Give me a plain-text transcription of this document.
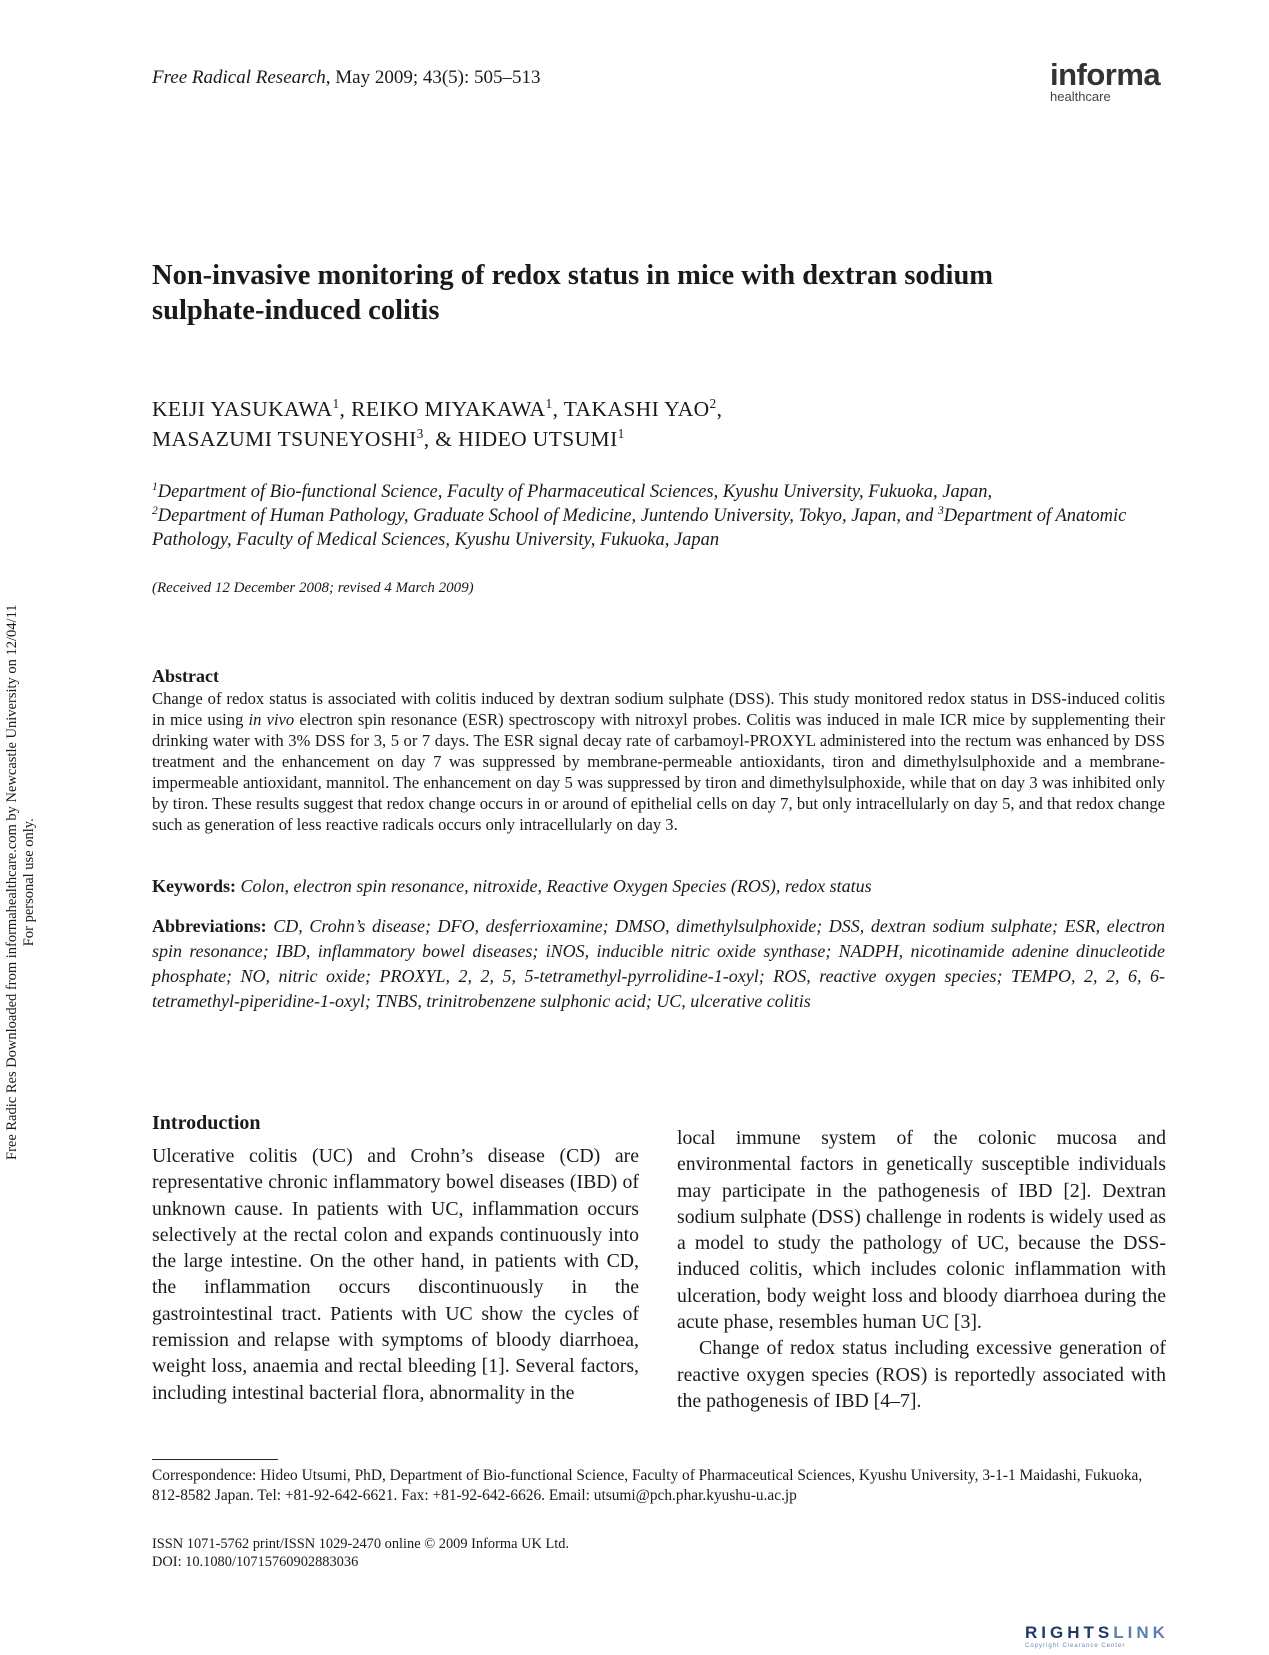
Free Radical Research, May 2009; 43(5): 505–513	informa
healthcare
Free Radic Res Downloaded from informahealthcare.com by Newcastle University on 12/04/11 For personal use only.
Non-invasive monitoring of redox status in mice with dextran sodium
sulphate-induced colitis
KEIJI YASUKAWA$^1$, REIKO MIYAKAWA$^1$, TAKASHI YAO$^2$,
MASAZUMI TSUNEYOSHI$^3$, & HIDEO UTSUMI$^1$
$^1$Department of Bio-functional Science, Faculty of Pharmaceutical Sciences, Kyushu University, Fukuoka, Japan,
$^2$Department of Human Pathology, Graduate School of Medicine, Juntendo University, Tokyo, Japan, and $^3$Department of Anatomic Pathology, Faculty of Medical Sciences, Kyushu University, Fukuoka, Japan
(Received 12 December 2008; revised 4 March 2009)
Abstract
Change of redox status is associated with colitis induced by dextran sodium sulphate (DSS). This study monitored redox status in DSS-induced colitis in mice using in vivo electron spin resonance (ESR) spectroscopy with nitroxyl probes. Colitis was induced in male ICR mice by supplementing their drinking water with 3% DSS for 3, 5 or 7 days. The ESR signal decay rate of carbamoyl-PROXYL administered into the rectum was enhanced by DSS treatment and the enhancement on day 7 was suppressed by membrane-permeable antioxidants, tiron and dimethylsulphoxide and a membrane-impermeable antioxidant, mannitol. The enhancement on day 5 was suppressed by tiron and dimethylsulphoxide, while that on day 3 was inhibited only by tiron. These results suggest that redox change occurs in or around of epithelial cells on day 7, but only intracellularly on day 5, and that redox change such as generation of less reactive radicals occurs only intracellularly on day 3.
Keywords: Colon, electron spin resonance, nitroxide, Reactive Oxygen Species (ROS), redox status
Abbreviations: CD, Crohn’s disease; DFO, desferrioxamine; DMSO, dimethylsulphoxide; DSS, dextran sodium sulphate; ESR, electron spin resonance; IBD, inflammatory bowel diseases; iNOS, inducible nitric oxide synthase; NADPH, nicotinamide adenine dinucleotide phosphate; NO, nitric oxide; PROXYL, 2, 2, 5, 5-tetramethyl-pyrrolidine-1-oxyl; ROS, reactive oxygen species; TEMPO, 2, 2, 6, 6-tetramethyl-piperidine-1-oxyl; TNBS, trinitrobenzene sulphonic acid; UC, ulcerative colitis
Introduction

Ulcerative colitis (UC) and Crohn’s disease (CD) are representative chronic inflammatory bowel diseases (IBD) of unknown cause. In patients with UC, inflammation occurs selectively at the rectal colon and expands continuously into the large intestine. On the other hand, in patients with CD, the inflammation occurs discontinuously in the gastrointestinal tract. Patients with UC show the cycles of remission and relapse with symptoms of bloody diarrhoea, weight loss, anaemia and rectal bleeding [1]. Several factors, including intestinal bacterial flora, abnormality in the

local immune system of the colonic mucosa and environmental factors in genetically susceptible individuals may participate in the pathogenesis of IBD [2]. Dextran sodium sulphate (DSS) challenge in rodents is widely used as a model to study the pathology of UC, because the DSS-induced colitis, which includes colonic inflammation with ulceration, body weight loss and bloody diarrhoea during the acute phase, resembles human UC [3].

Change of redox status including excessive generation of reactive oxygen species (ROS) is reportedly associated with the pathogenesis of IBD [4–7].

Correspondence: Hideo Utsumi, PhD, Department of Bio-functional Science, Faculty of Pharmaceutical Sciences, Kyushu University, 3-1-1 Maidashi, Fukuoka, 812-8582 Japan. Tel: +81-92-642-6621. Fax: +81-92-642-6626. Email: utsumi@pch.phar.kyushu-u.ac.jp
ISSN 1071-5762 print/ISSN 1029-2470 online © 2009 Informa UK Ltd.
DOI: 10.1080/10715760902883036
RIGHTSLINK
Copyright Clearance Center
